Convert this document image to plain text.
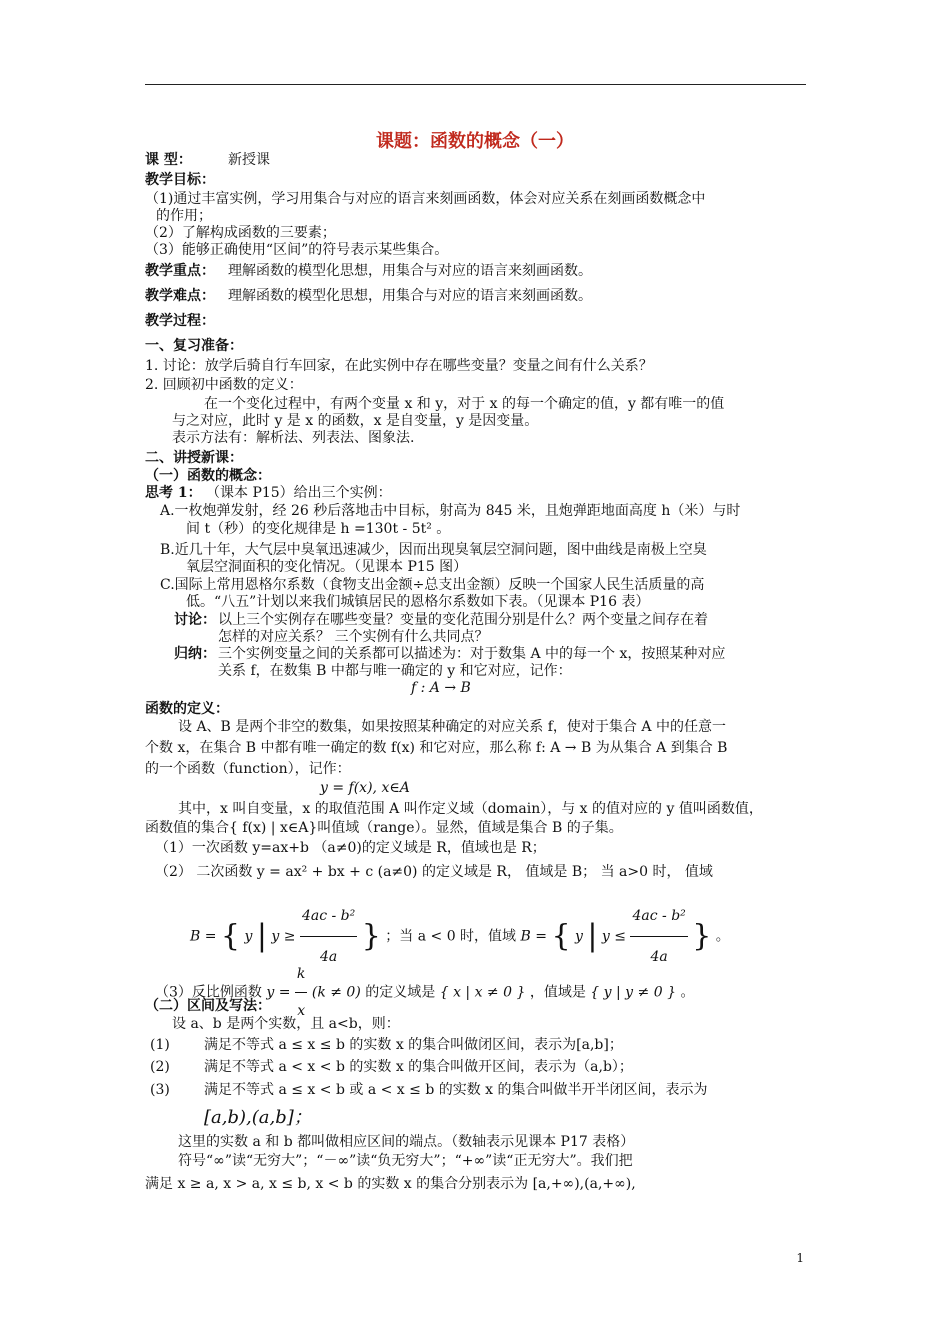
课题：函数的概念（一）
课 型：	新授课
教学目标：
（1)通过丰富实例，学习用集合与对应的语言来刻画函数，体会对应关系在刻画函数概念中
的作用；
（2）了解构成函数的三要素；
（3）能够正确使用“区间”的符号表示某些集合。
教学重点： 理解函数的模型化思想，用集合与对应的语言来刻画函数。
教学难点： 理解函数的模型化思想，用集合与对应的语言来刻画函数。
教学过程：
一、复习准备：
1. 讨论：放学后骑自行车回家，在此实例中存在哪些变量？变量之间有什么关系？
2. 回顾初中函数的定义：
在一个变化过程中，有两个变量 x 和 y，对于 x 的每一个确定的值，y 都有唯一的值
与之对应，此时 y 是 x 的函数，x 是自变量，y 是因变量。
表示方法有：解析法、列表法、图象法.
二、讲授新课：
（一）函数的概念：
思考 1： （课本 P15）给出三个实例：
A.一枚炮弹发射，经 26 秒后落地击中目标，射高为 845 米，且炮弹距地面高度 h（米）与时
间 t（秒）的变化规律是 h =130t - 5t² 。
B.近几十年，大气层中臭氧迅速减少，因而出现臭氧层空洞问题，图中曲线是南极上空臭
氧层空洞面积的变化情况。（见课本 P15 图）
C.国际上常用恩格尔系数（食物支出金额÷总支出金额）反映一个国家人民生活质量的高
低。“八五”计划以来我们城镇居民的恩格尔系数如下表。（见课本 P16 表）
讨论： 以上三个实例存在哪些变量？变量的变化范围分别是什么？两个变量之间存在着
怎样的对应关系？ 三个实例有什么共同点？
归纳： 三个实例变量之间的关系都可以描述为：对于数集 A 中的每一个 x，按照某种对应
关系 f，在数集 B 中都与唯一确定的 y 和它对应，记作：
f : A → B
函数的定义：
设 A、B 是两个非空的数集，如果按照某种确定的对应关系 f，使对于集合 A 中的任意一
个数 x，在集合 B 中都有唯一确定的数 f(x) 和它对应，那么称 f: A → B 为从集合 A 到集合 B
的一个函数（function），记作：
y = f(x), x∈A
其中，x 叫自变量，x 的取值范围 A 叫作定义域（domain），与 x 的值对应的 y 值叫函数值，
函数值的集合{ f(x) | x∈A}叫值域（range）。显然，值域是集合 B 的子集。
（1）一次函数 y=ax+b （a≠0)的定义域是 R，值域也是 R；
（2） 二次函数 y = ax² + bx + c (a≠0) 的定义域是 R， 值域是 B； 当 a>0 时， 值域
B = { y | $y \ge \frac{\text{4ac - b²}}{4a}$ } ；当 a < 0 时，值域 B = { y | $y \le \frac{\text{4ac - b²}}{4a}$ } 。
（3）反比例函数 $y = \frac{k}{x} (k \ne 0)$ 的定义域是 { x | x ≠ 0 } ，值域是 { y | y ≠ 0 } 。
（二）区间及写法：
设 a、b 是两个实数，且 a<b，则：
(1) 满足不等式 a ≤ x ≤ b 的实数 x 的集合叫做闭区间，表示为[a,b]；
(2) 满足不等式 a < x < b 的实数 x 的集合叫做开区间，表示为（a,b）；
(3) 满足不等式 a ≤ x < b 或 a < x ≤ b 的实数 x 的集合叫做半开半闭区间，表示为
[a,b),(a,b]；
这里的实数 a 和 b 都叫做相应区间的端点。（数轴表示见课本 P17 表格）
符号“∞”读“无穷大”；“－∞”读“负无穷大”；“+∞”读“正无穷大”。我们把
满足 x ≥ a, x > a, x ≤ b, x < b 的实数 x 的集合分别表示为 [a,+∞),(a,+∞),
1
